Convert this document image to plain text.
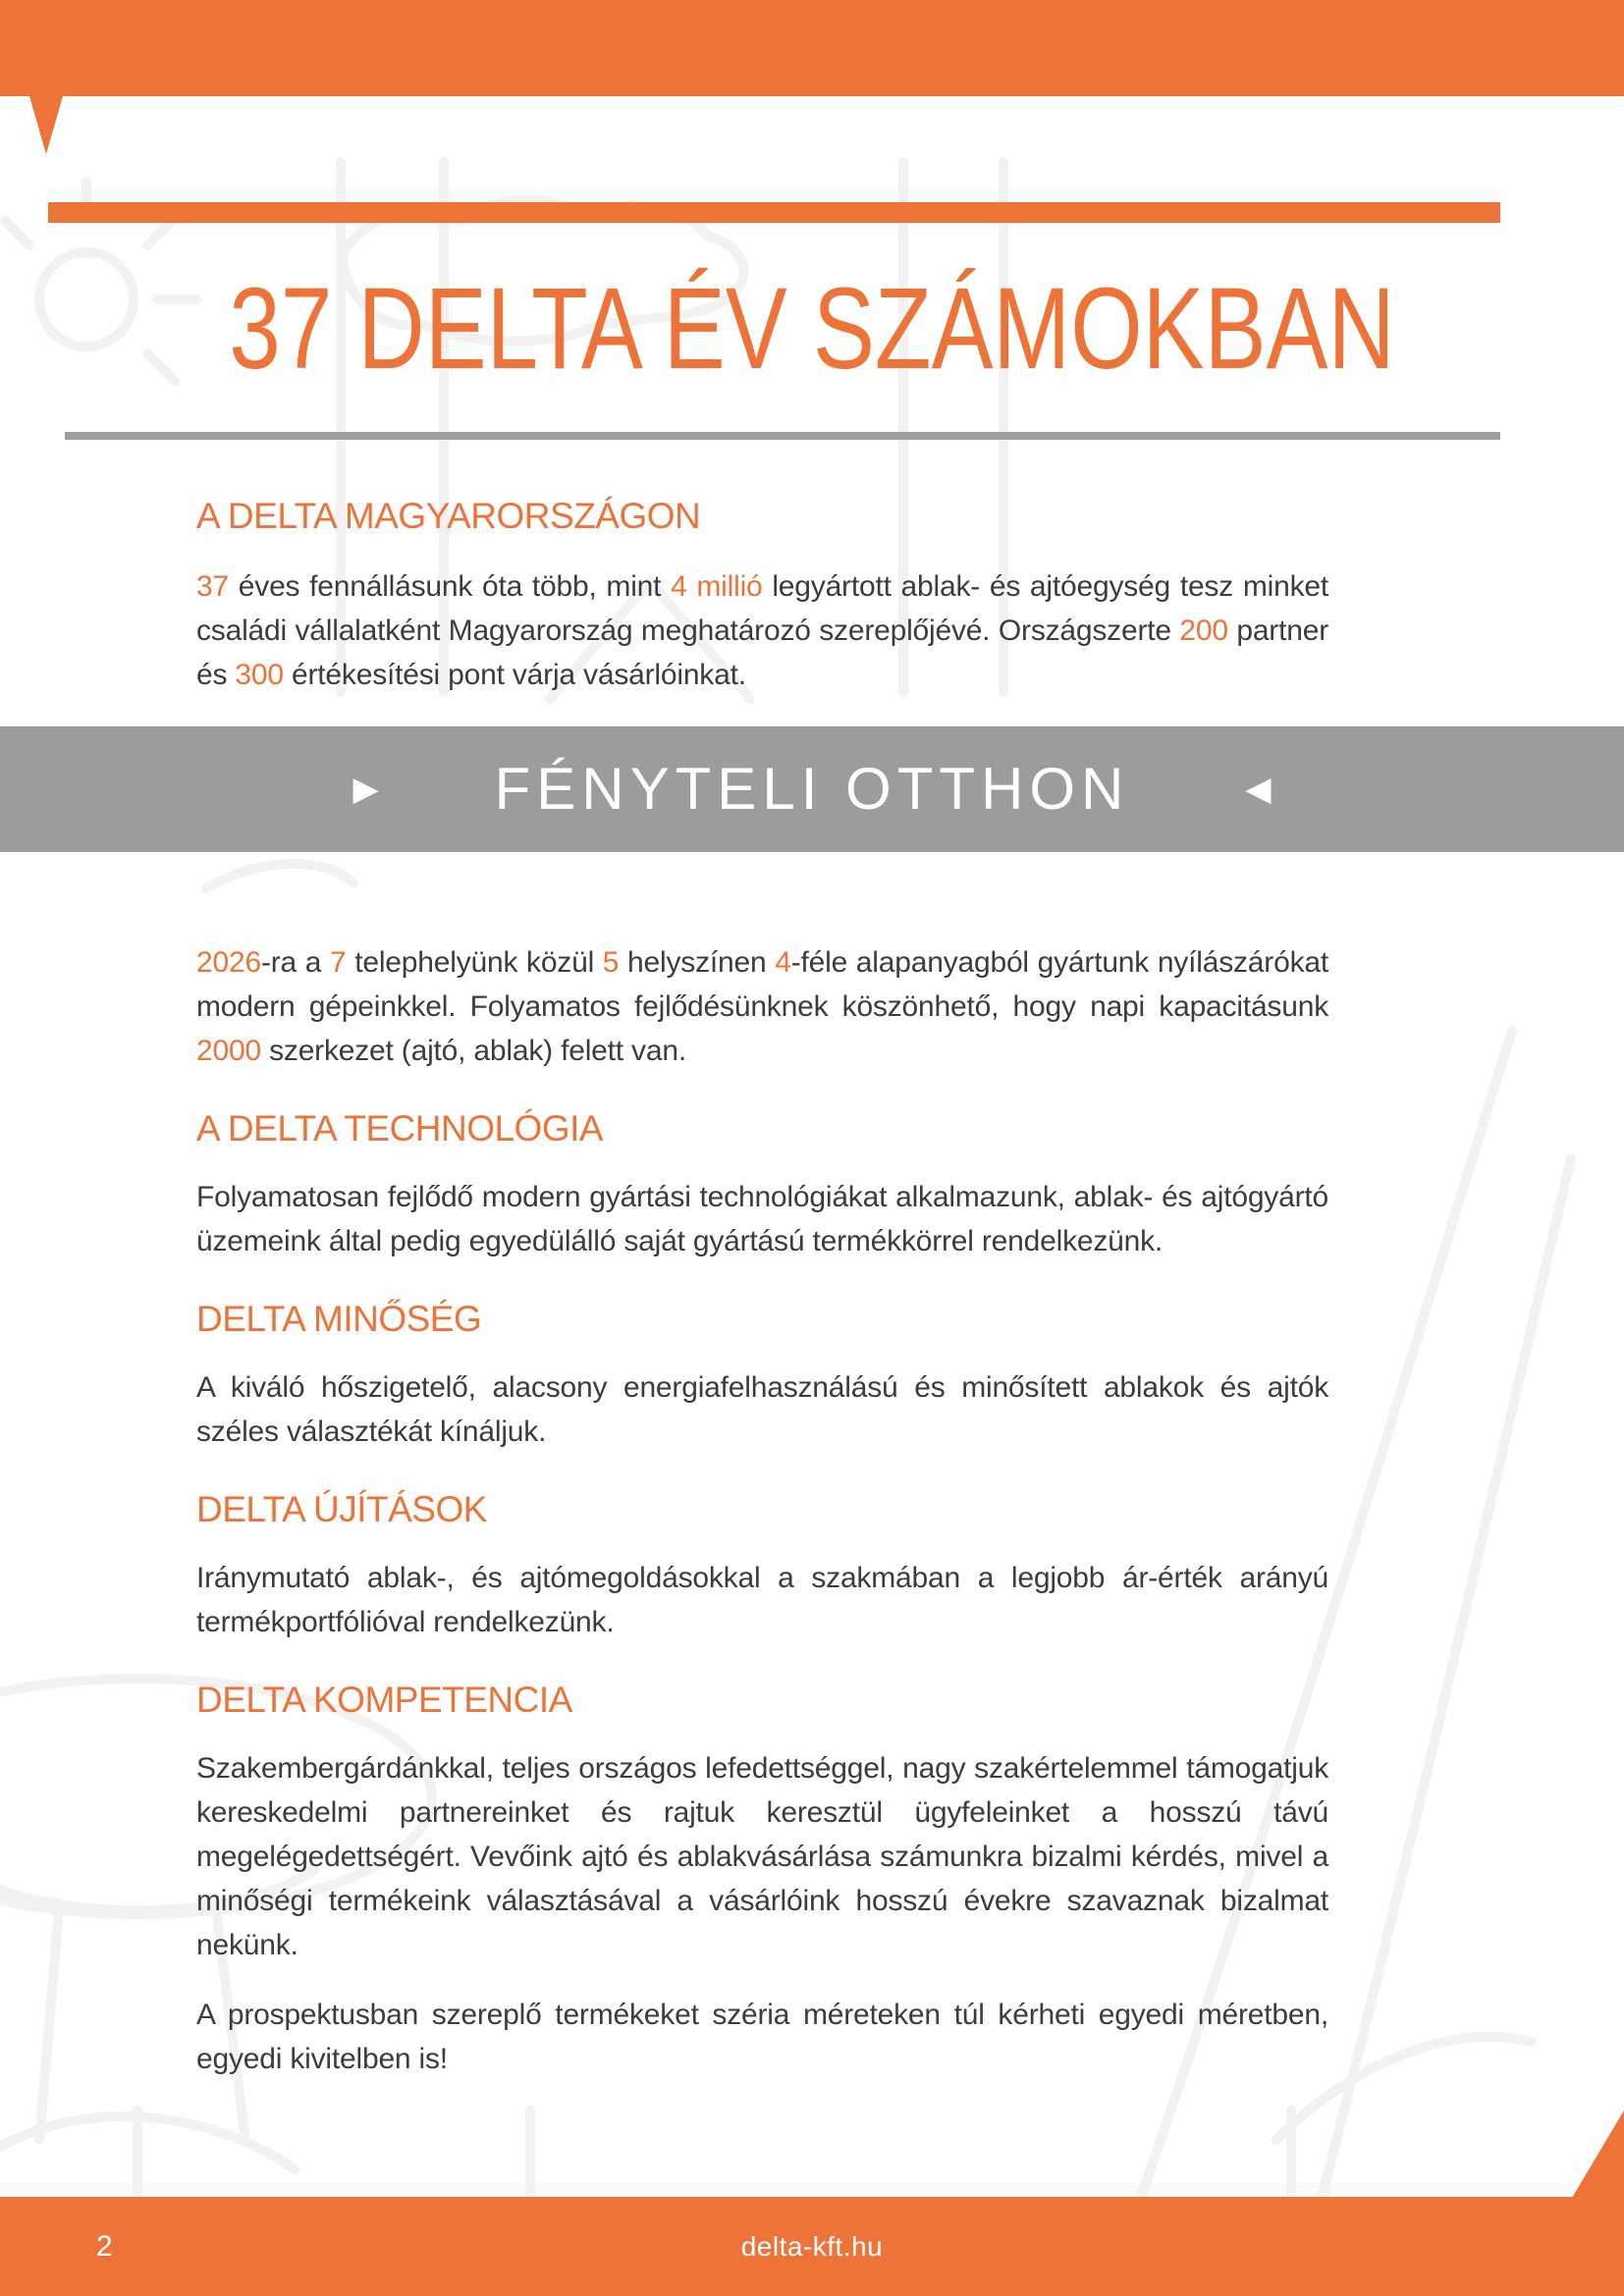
37 DELTA ÉV SZÁMOKBAN
A DELTA MAGYARORSZÁGON

37 éves fennállásunk óta több, mint 4 millió legyártott ablak- és ajtóegység tesz minket családi vállalatként Magyarország meghatározó szereplőjévé. Országszerte 200 partner és 300 értékesítési pont várja vásárlóinkat.

▶ FÉNYTELI OTTHON	◀

2026-ra a 7 telephelyünk közül 5 helyszínen 4-féle alapanyagból gyártunk nyílászárókat modern gépeinkkel. Folyamatos fejlődésünknek köszönhető, hogy napi kapacitásunk 2000 szerkezet (ajtó, ablak) felett van.

A DELTA TECHNOLÓGIA

Folyamatosan fejlődő modern gyártási technológiákat alkalmazunk, ablak- és ajtógyártó üzemeink által pedig egyedülálló saját gyártású termékkörrel rendelkezünk.

DELTA MINŐSÉG

A kiváló hőszigetelő, alacsony energiafelhasználású és minősített ablakok és ajtók széles választékát kínáljuk.

DELTA ÚJÍTÁSOK

Iránymutató ablak-, és ajtómegoldásokkal a szakmában a legjobb ár-érték arányú termékportfólióval rendelkezünk.

DELTA KOMPETENCIA

Szakembergárdánkkal, teljes országos lefedettséggel, nagy szakértelemmel támogatjuk kereskedelmi partnereinket és rajtuk keresztül ügyfeleinket a hosszú távú megelégedettségért. Vevőink ajtó és ablakvásárlása számunkra bizalmi kérdés, mivel a minőségi termékeink választásával a vásárlóink hosszú évekre szavaznak bizalmat nekünk.

A prospektusban szereplő termékeket széria méreteken túl kérheti egyedi méretben, egyedi kivitelben is!

2	delta-kft.hu
